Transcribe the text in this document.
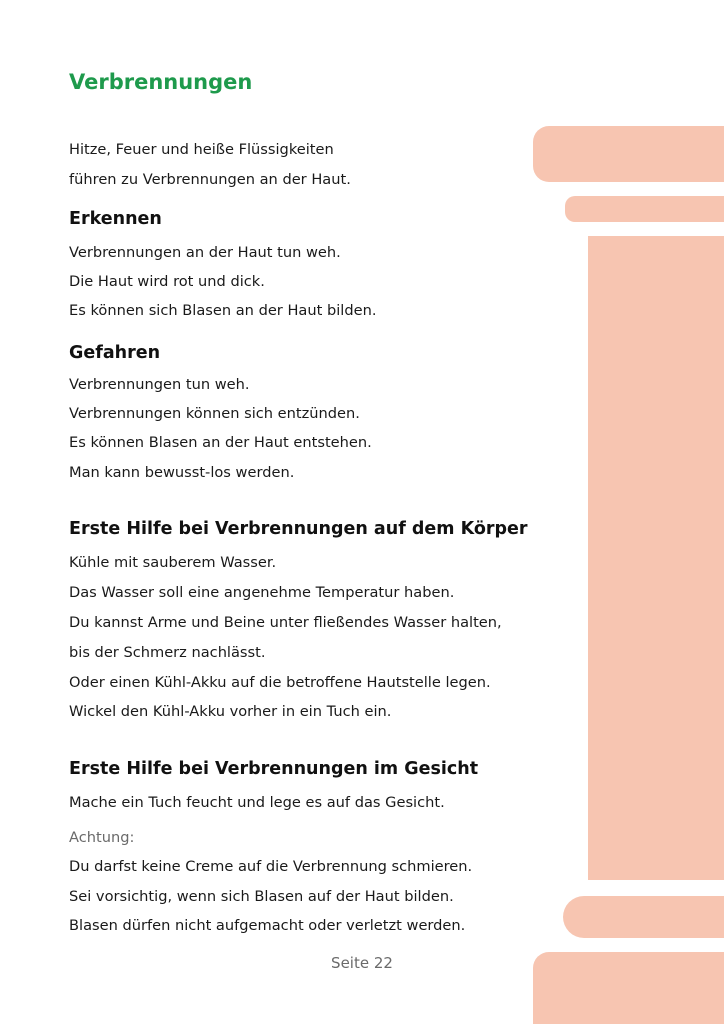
Verbrennungen
Hitze, Feuer und heiße Flüssigkeiten
führen zu Verbrennungen an der Haut.
Erkennen
Verbrennungen an der Haut tun weh.
Die Haut wird rot und dick.
Es können sich Blasen an der Haut bilden.
Gefahren
Verbrennungen tun weh.
Verbrennungen können sich entzünden.
Es können Blasen an der Haut entstehen.
Man kann bewusst-los werden.
Erste Hilfe bei Verbrennungen auf dem Körper
Kühle mit sauberem Wasser.
Das Wasser soll eine angenehme Temperatur haben.
Du kannst Arme und Beine unter fließendes Wasser halten,
bis der Schmerz nachlässt.
Oder einen Kühl-Akku auf die betroffene Hautstelle legen.
Wickel den Kühl-Akku vorher in ein Tuch ein.
Erste Hilfe bei Verbrennungen im Gesicht
Mache ein Tuch feucht und lege es auf das Gesicht.
Achtung:
Du darfst keine Creme auf die Verbrennung schmieren.
Sei vorsichtig, wenn sich Blasen auf der Haut bilden.
Blasen dürfen nicht aufgemacht oder verletzt werden.
Seite 22
